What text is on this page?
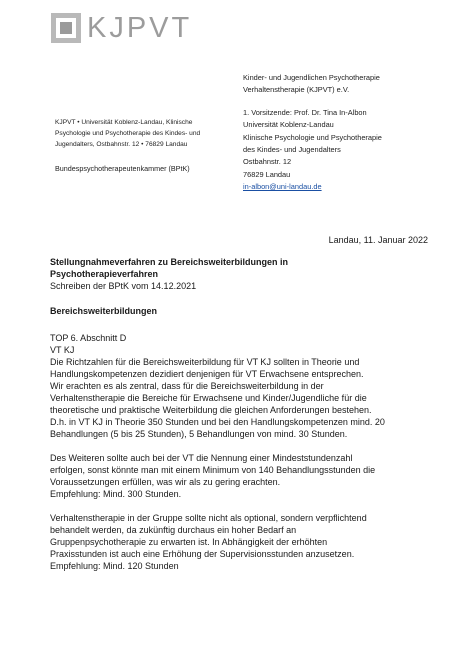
KJPVT
Kinder- und Jugendlichen Psychotherapie
Verhaltenstherapie (KJPVT) e.V.
1. Vorsitzende: Prof. Dr. Tina In-Albon
Universität Koblenz-Landau
Klinische Psychologie und Psychotherapie
des Kindes- und Jugendalters
Ostbahnstr. 12
76829 Landau
in-albon@uni-landau.de
KJPVT • Universität Koblenz-Landau, Klinische
Psychologie und Psychotherapie des Kindes- und
Jugendalters, Ostbahnstr. 12 • 76829 Landau
Bundespsychotherapeutenkammer (BPtK)
Landau, 11. Januar 2022
Stellungnahmeverfahren zu Bereichsweiterbildungen in
Psychotherapieverfahren
Schreiben der BPtK vom 14.12.2021
Bereichsweiterbildungen

TOP 6. Abschnitt D
VT KJ
Die Richtzahlen für die Bereichsweiterbildung für VT KJ sollten in Theorie und
Handlungskompetenzen dezidiert denjenigen für VT Erwachsene entsprechen.
Wir erachten es als zentral, dass für die Bereichsweiterbildung in der
Verhaltenstherapie die Bereiche für Erwachsene und Kinder/Jugendliche für die
theoretische und praktische Weiterbildung die gleichen Anforderungen bestehen.
D.h. in VT KJ in Theorie 350 Stunden und bei den Handlungskompetenzen mind. 20
Behandlungen (5 bis 25 Stunden), 5 Behandlungen von mind. 30 Stunden.

Des Weiteren sollte auch bei der VT die Nennung einer Mindeststundenzahl
erfolgen, sonst könnte man mit einem Minimum von 140 Behandlungsstunden die
Voraussetzungen erfüllen, was wir als zu gering erachten.
Empfehlung: Mind. 300 Stunden.

Verhaltenstherapie in der Gruppe sollte nicht als optional, sondern verpflichtend
behandelt werden, da zukünftig durchaus ein hoher Bedarf an
Gruppenpsychotherapie zu erwarten ist. In Abhängigkeit der erhöhten
Praxisstunden ist auch eine Erhöhung der Supervisionsstunden anzusetzen.
Empfehlung: Mind. 120 Stunden
